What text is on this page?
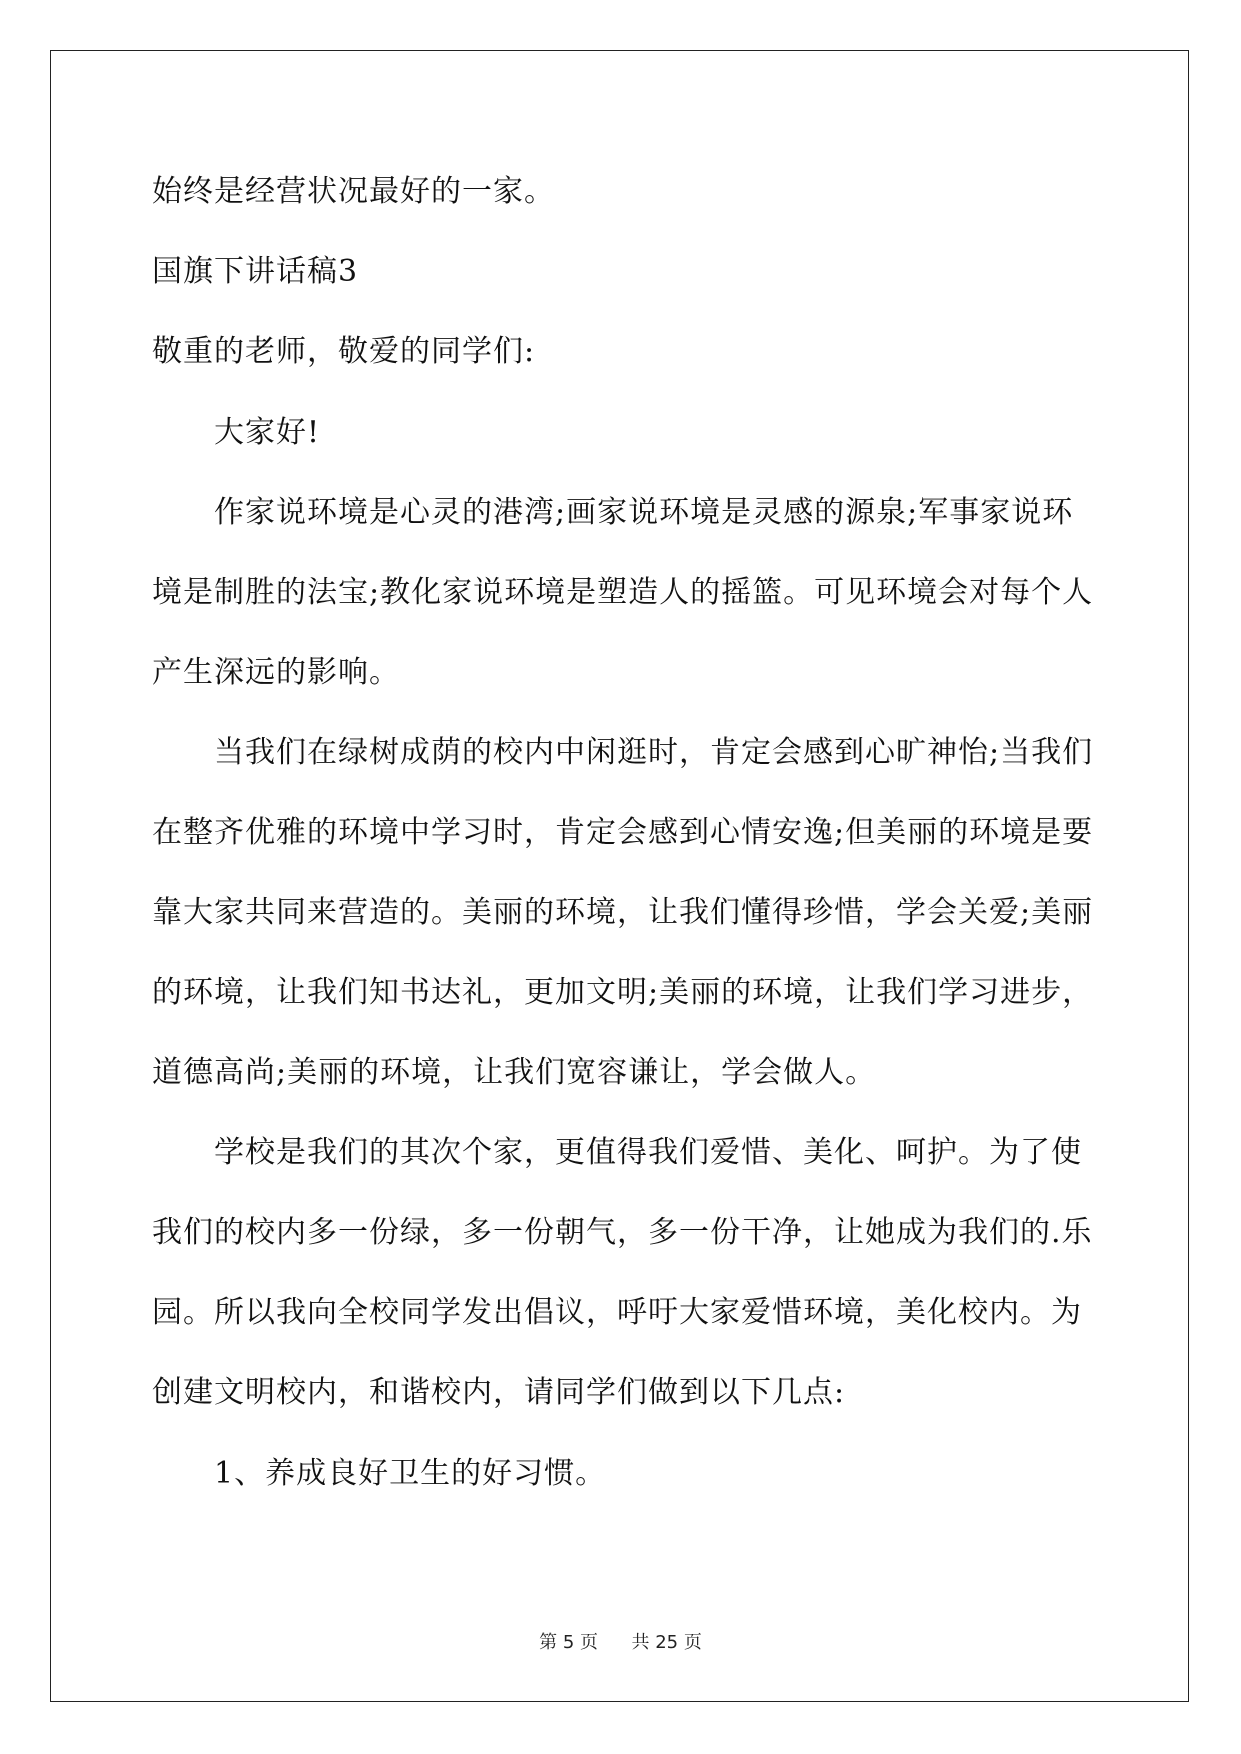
始终是经营状况最好的一家。
国旗下讲话稿3
敬重的老师，敬爱的同学们:
大家好!
作家说环境是心灵的港湾;画家说环境是灵感的源泉;军事家说环
境是制胜的法宝;教化家说环境是塑造人的摇篮。可见环境会对每个人
产生深远的影响。
当我们在绿树成荫的校内中闲逛时，肯定会感到心旷神怡;当我们
在整齐优雅的环境中学习时，肯定会感到心情安逸;但美丽的环境是要
靠大家共同来营造的。美丽的环境，让我们懂得珍惜，学会关爱;美丽
的环境，让我们知书达礼，更加文明;美丽的环境，让我们学习进步，
道德高尚;美丽的环境，让我们宽容谦让，学会做人。
学校是我们的其次个家，更值得我们爱惜、美化、呵护。为了使
我们的校内多一份绿，多一份朝气，多一份干净，让她成为我们的.乐
园。所以我向全校同学发出倡议，呼吁大家爱惜环境，美化校内。为
创建文明校内，和谐校内，请同学们做到以下几点:
1、养成良好卫生的好习惯。
第 5 页 共 25 页
